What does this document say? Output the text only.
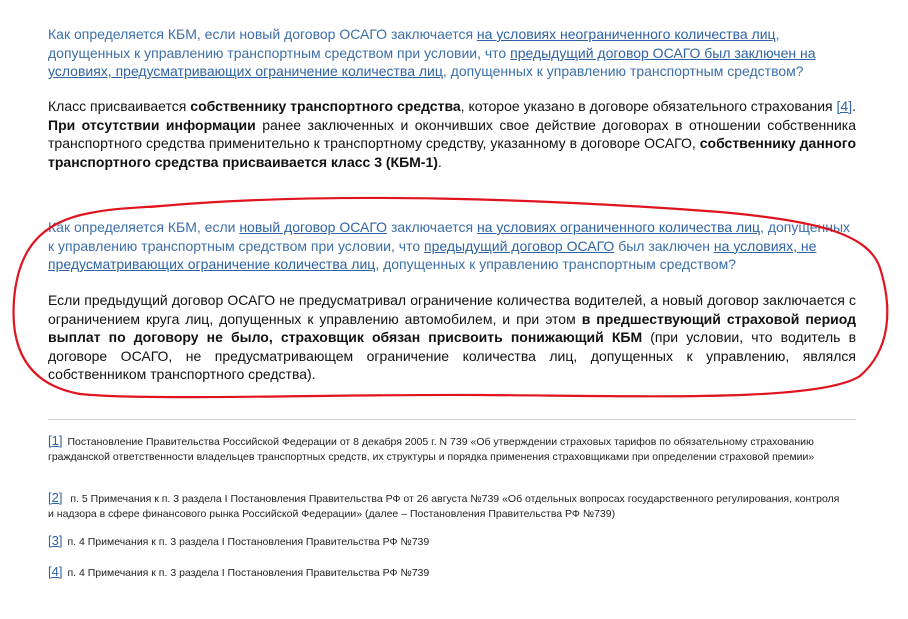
Как определяется КБМ, если новый договор ОСАГО заключается на условиях неограниченного количества лиц, допущенных к управлению транспортным средством при условии, что предыдущий договор ОСАГО был заключен на условиях, предусматривающих ограничение количества лиц, допущенных к управлению транспортным средством?
Класс присваивается собственнику транспортного средства, которое указано в договоре обязательного страхования [4]. При отсутствии информации ранее заключенных и окончивших свое действие договорах в отношении собственника транспортного средства применительно к транспортному средству, указанному в договоре ОСАГО, собственнику данного транспортного средства присваивается класс 3 (КБМ-1).
Как определяется КБМ, если новый договор ОСАГО заключается на условиях ограниченного количества лиц, допущенных к управлению транспортным средством при условии, что предыдущий договор ОСАГО был заключен на условиях, не предусматривающих ограничение количества лиц, допущенных к управлению транспортным средством?
Если предыдущий договор ОСАГО не предусматривал ограничение количества водителей, а новый договор заключается с ограничением круга лиц, допущенных к управлению автомобилем, и при этом в предшествующий страховой период выплат по договору не было, страховщик обязан присвоить понижающий КБМ (при условии, что водитель в договоре ОСАГО, не предусматривающем ограничение количества лиц, допущенных к управлению, являлся собственником транспортного средства).
[1] Постановление Правительства Российской Федерации от 8 декабря 2005 г. N 739 «Об утверждении страховых тарифов по обязательному страхованию гражданской ответственности владельцев транспортных средств, их структуры и порядка применения страховщиками при определении страховой премии»
[2] п. 5 Примечания к п. 3 раздела I Постановления Правительства РФ от 26 августа №739 «Об отдельных вопросах государственного регулирования, контроля и надзора в сфере финансового рынка Российской Федерации» (далее – Постановления Правительства РФ №739)
[3] п. 4 Примечания к п. 3 раздела I Постановления Правительства РФ №739
[4] п. 4 Примечания к п. 3 раздела I Постановления Правительства РФ №739
